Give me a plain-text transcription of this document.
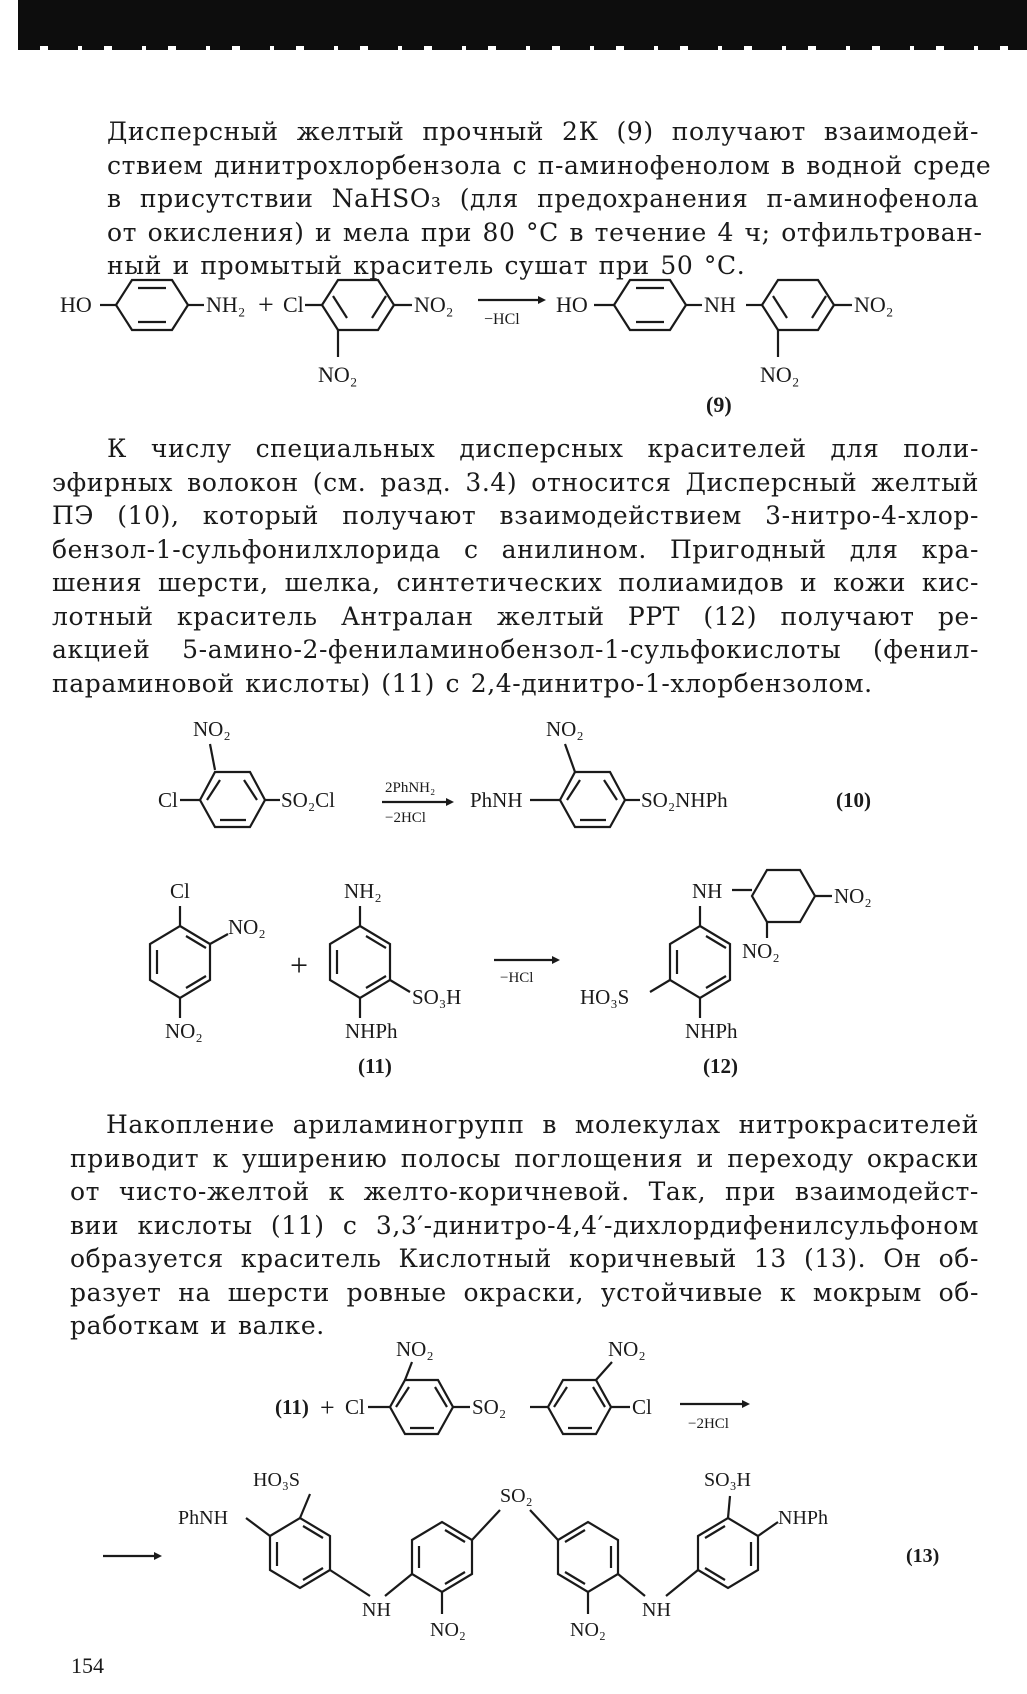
Дисперсный желтый прочный 2К (9) получают взаимодей-
ствием динитрохлорбензола с п-аминофенолом в водной среде
в присутствии NaHSO₃ (для предохранения п-аминофенола
от окисления) и мела при 80 °С в течение 4 ч; отфильтрован-
ный и промытый краситель сушат при 50 °С.
HO	NH₂ + Cl	NO₂
NO₂
−HCl
HO	NH	NO₂
NO₂
(9)
К числу специальных дисперсных красителей для поли-
эфирных волокон (см. разд. 3.4) относится Дисперсный желтый
ПЭ (10), который получают взаимодействием 3-нитро-4-хлор-
бензол-1-сульфонилхлорида с анилином. Пригодный для кра-
шения шерсти, шелка, синтетических полиамидов и кожи кис-
лотный краситель Антралан желтый РРТ (12) получают ре-
акцией 5-амино-2-фениламинобензол-1-сульфокислоты (фенил-
параминовой кислоты) (11) с 2,4-динитро-1-хлорбензолом.
NO₂
Cl	SO₂Cl	2PhNH₂
−2HCl
PhNH
NO₂
SO₂NHPh	(10)
Cl
NO₂
NO₂
+
NH₂
SO₃H
NHPh
(11)
−HCl
NH	NO₂
NO₂
HO₃S
NHPh
(12)
Накопление ариламиногрупп в молекулах нитрокрасителей
приводит к уширению полосы поглощения и переходу окраски
от чисто-желтой к желто-коричневой. Так, при взаимодейст-
вии кислоты (11) с 3,3′-динитро-4,4′-дихлордифенилсульфоном
образуется краситель Кислотный коричневый 13 (13). Он об-
разует на шерсти ровные окраски, устойчивые к мокрым об-
работкам и валке.
(11) + Cl
NO₂
SO₂
NO₂
Cl
−2HCl
PhNH
HO₃S
NH
NO₂
SO₂
NO₂
NH
SO₃H
NHPh
(13)
154
